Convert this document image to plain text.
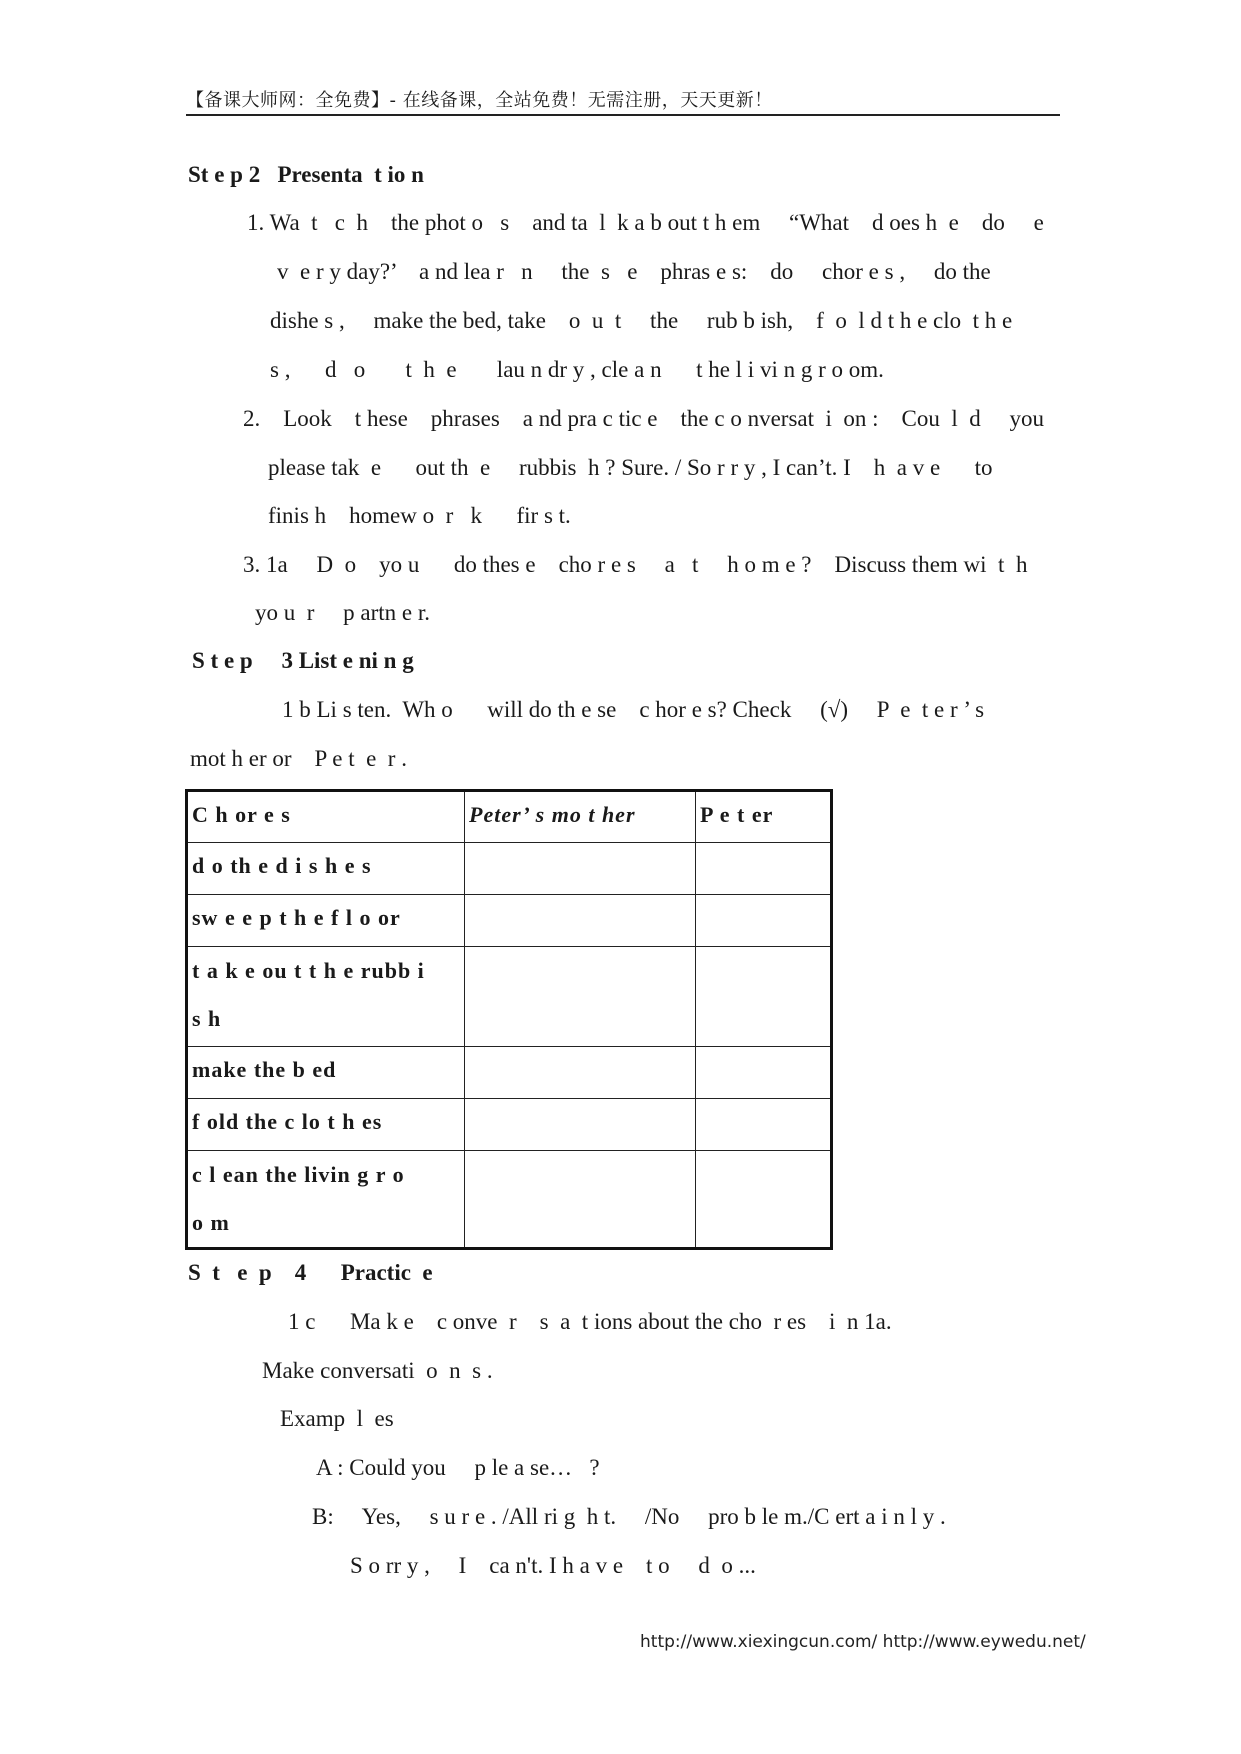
【备课大师网：全免费】- 在线备课，全站免费！无需注册，天天更新！
St e p 2   Presenta  t io n
1. Wa  t   c  h    the phot o   s    and ta  l  k a b out t h em     “What    d oes h  e    do     e
v  e r y day?’    a nd lea r   n     the  s   e    phras e s:    do     chor e s ,     do the
dishe s ,     make the bed, take    o  u  t     the     rub b ish,    f  o  l d t h e clo  t h e
s ,      d   o       t  h  e       lau n dr y , cle a n      t he l i vi n g r o om.
2.    Look    t hese    phrases    a nd pra c tic e    the c o nversat  i  on :    Cou  l  d     you
please tak  e      out th  e     rubbis  h ? Sure. / So r r y , I can’t. I    h  a v e      to
finis h    homew o  r   k      fir s t.
3. 1a     D  o    yo u      do thes e    cho r e s     a   t     h o m e ?    Discuss them wi  t  h
yo u  r     p artn e r.
S t e p     3 List e ni n g
1 b Li s ten.  Wh o      will do th e se    c hor e s? Check     (√)     P  e  t e r ’ s
mot h er or    P e t  e  r .
C h or e s	Peter’ s mo t her	P e t er

d o th e d i s h e s		

sw e e p t h e f l o or		

t a k e ou t t h e rubb i
s h		

make the b ed		

f old the c lo t h es		

c l ean the livin g r o
o m		

S  t   e  p    4      Practic  e
1 c      Ma k e    c onve  r    s  a  t ions about the cho  r es    i  n 1a.
Make conversati  o  n  s .
Examp  l  es
A : Could you     p le a se…   ?
B:     Yes,     s u r e . /All ri g  h t.     /No     pro b le m./C ert a i n l y .
S o rr y ,     I    ca n't. I h a v e    t o     d  o ...
http://www.xiexingcun.com/ http://www.eywedu.net/
